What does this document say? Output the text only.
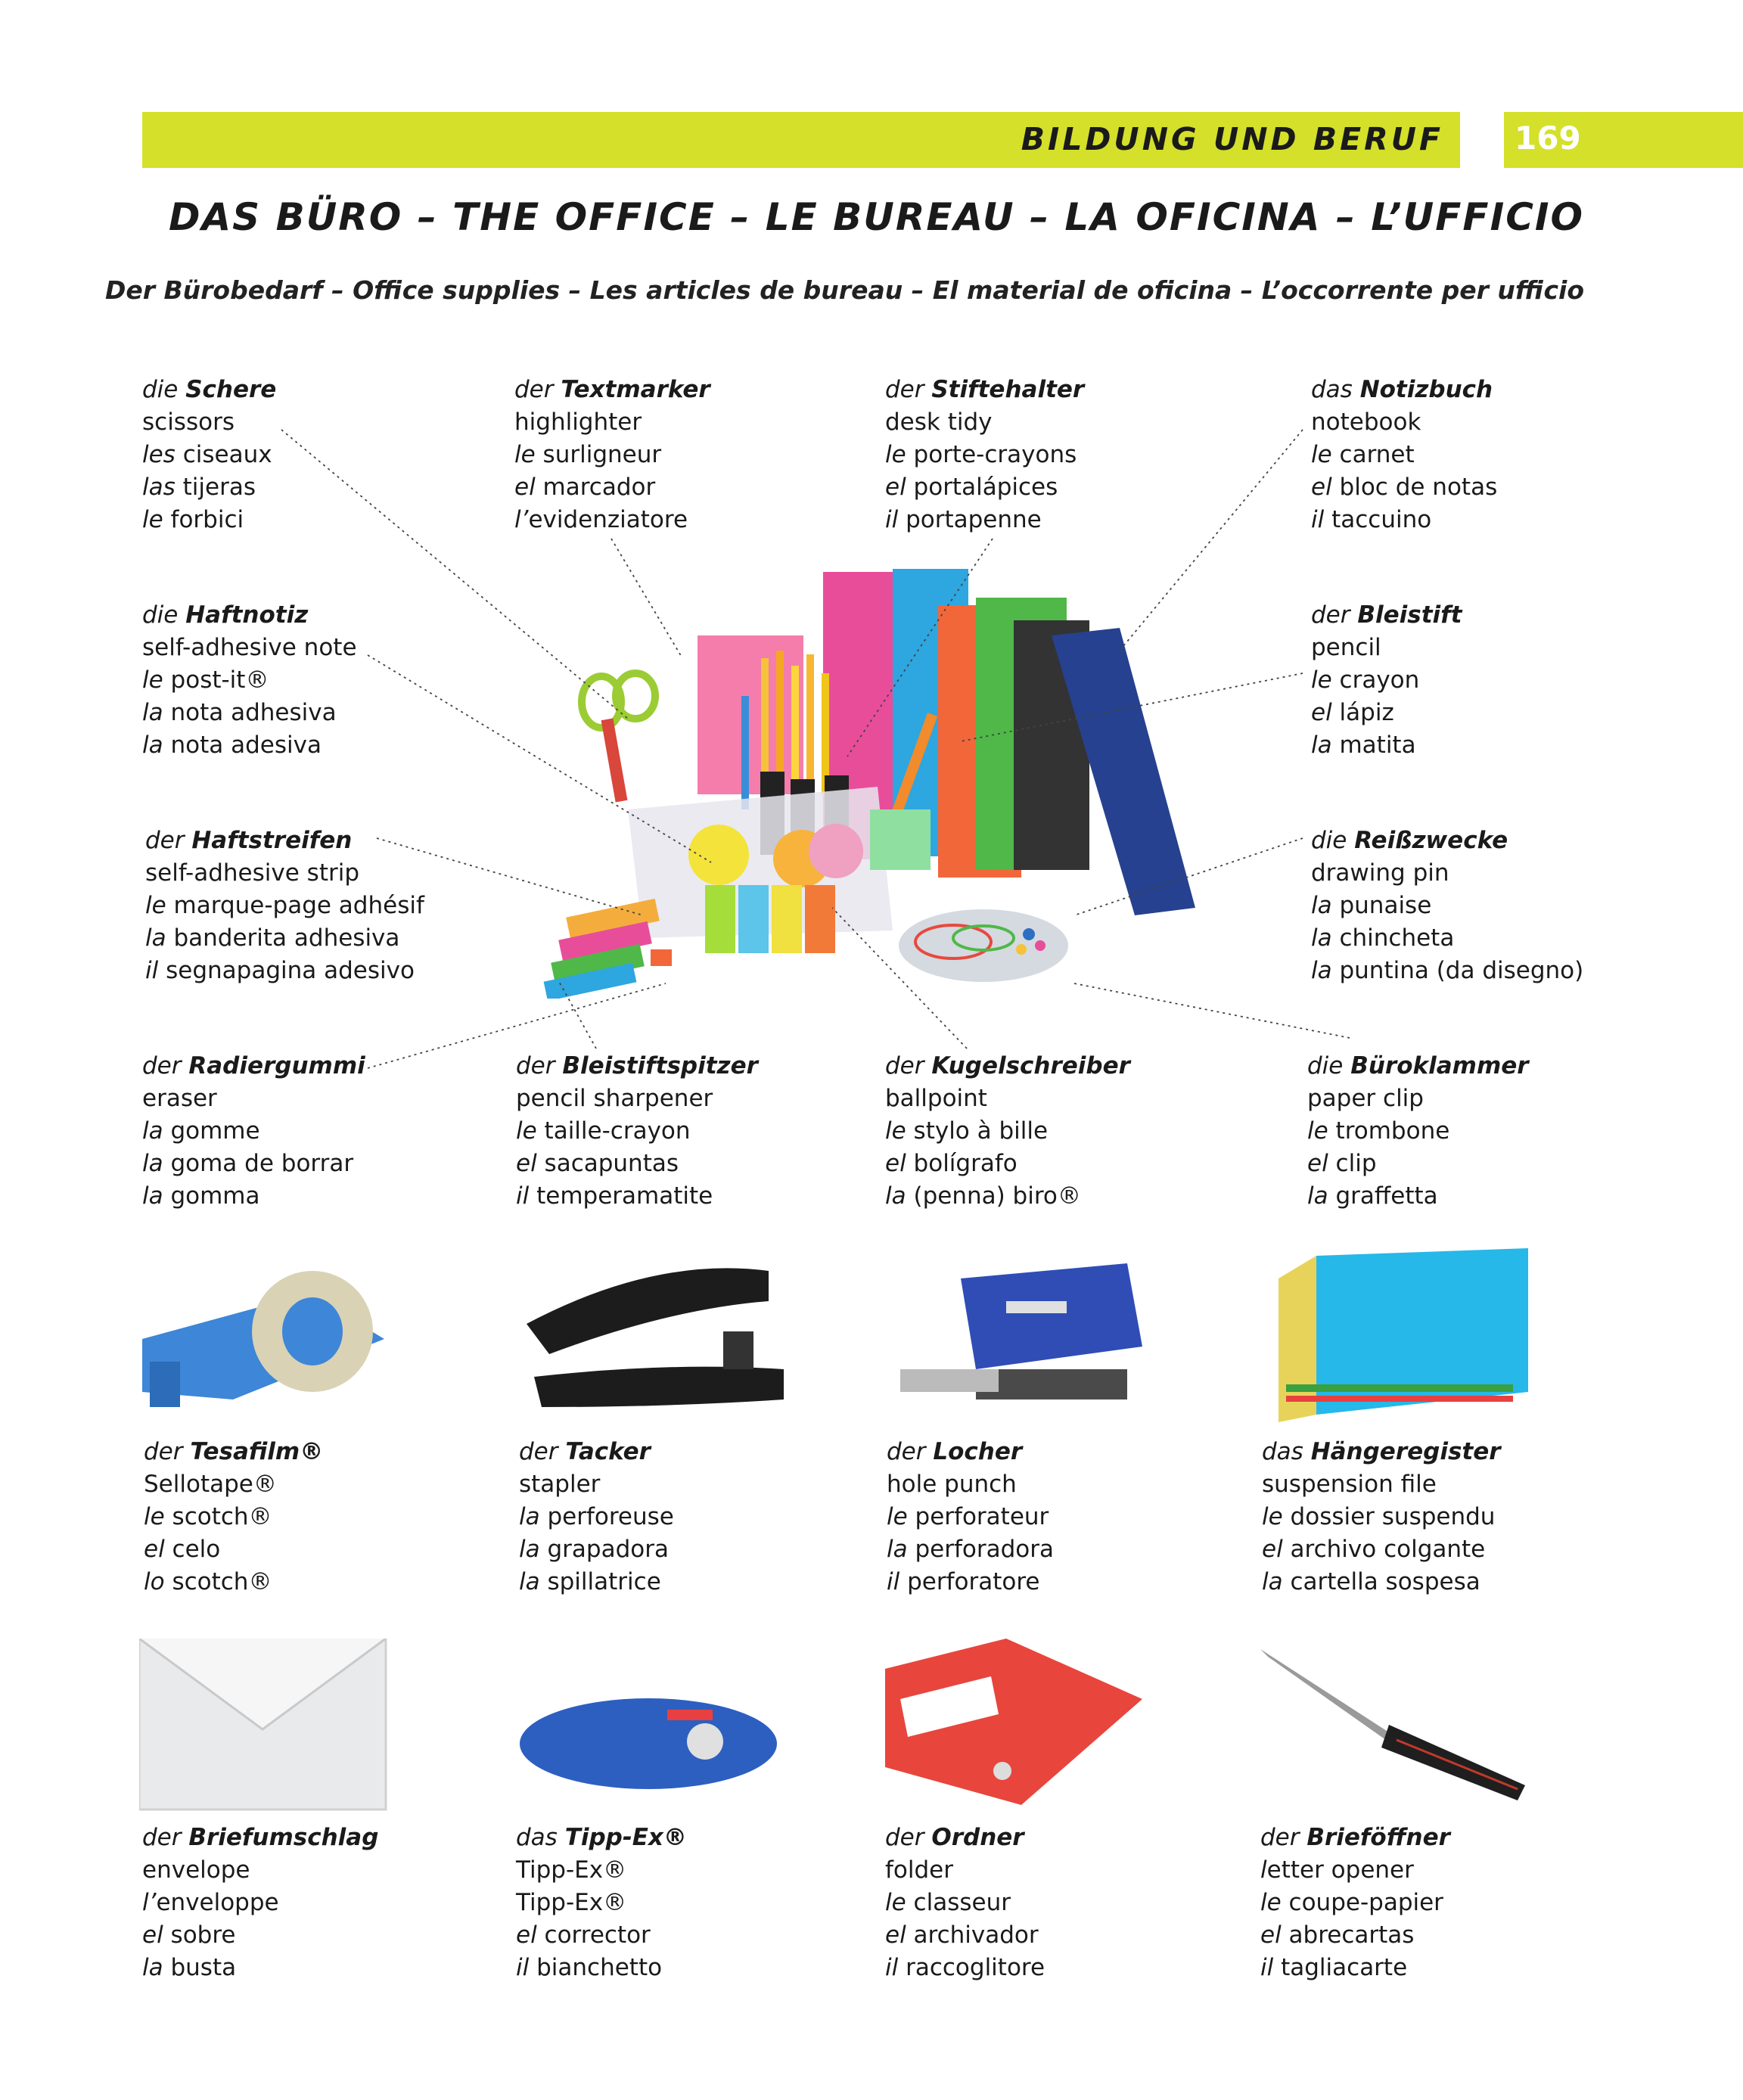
BILDUNG UND BERUF 169
DAS BÜRO – THE OFFICE – LE BUREAU – LA OFICINA – L’UFFICIO
Der Bürobedarf – Office supplies – Les articles de bureau – El material de oficina – L’occorrente per ufficio
die Schere
scissors
les ciseaux
las tijeras
le forbici
der Textmarker
highlighter
le surligneur
el marcador
l’evidenziatore
der Stiftehalter
desk tidy
le porte-crayons
el portalápices
il portapenne
das Notizbuch
notebook
le carnet
el bloc de notas
il taccuino
die Haftnotiz
self-adhesive note
le post-it®
la nota adhesiva
la nota adesiva
der Bleistift
pencil
le crayon
el lápiz
la matita
der Haftstreifen
self-adhesive strip
le marque-page adhésif
la banderita adhesiva
il segnapagina adesivo
die Reißzwecke
drawing pin
la punaise
la chincheta
la puntina (da disegno)
der Radiergummi
eraser
la gomme
la goma de borrar
la gomma
der Bleistiftspitzer
pencil sharpener
le taille-crayon
el sacapuntas
il temperamatite
der Kugelschreiber
ballpoint
le stylo à bille
el bolígrafo
la (penna) biro®
die Büroklammer
paper clip
le trombone
el clip
la graffetta
der Tesafilm®
Sellotape®
le scotch®
el celo
lo scotch®
der Tacker
stapler
la perforeuse
la grapadora
la spillatrice
der Locher
hole punch
le perforateur
la perforadora
il perforatore
das Hängeregister
suspension file
le dossier suspendu
el archivo colgante
la cartella sospesa
der Briefumschlag
envelope
l’enveloppe
el sobre
la busta
das Tipp-Ex®
Tipp-Ex®
Tipp-Ex®
el corrector
il bianchetto
der Ordner
folder
le classeur
el archivador
il raccoglitore
der Brieföffner
letter opener
le coupe-papier
el abrecartas
il tagliacarte
